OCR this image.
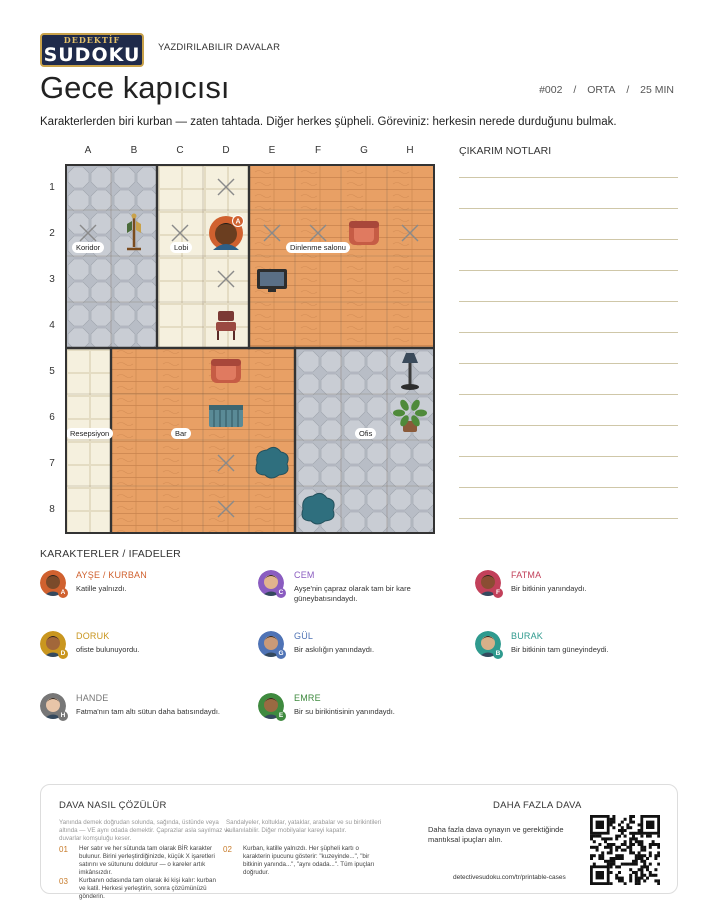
DEDEKTİF
SUDOKU YAZDIRILABILIR DAVALAR
Gece kapıcısı	#002 / ORTA / 25 MIN
Karakterlerden biri kurban — zaten tahtada. Diğer herkes şüpheli. Göreviniz: herkesin nerede durduğunu bulmak.
A	B	C	D	E	F	G	H
1
2
3
4
5
6
7
8
A
Koridor	Lobi	Dinlenme salonu
Resepsiyon	Bar	Ofis
ÇIKARIM NOTLARI
KARAKTERLER / IFADELER
A
AYŞE / KURBAN
Katille yalnızdı.	C
CEM
Ayşe'nin çapraz olarak tam bir kare güneybatısındaydı.
F
FATMA
Bir bitkinin yanındaydı.
D
DORUK
ofiste bulunuyordu.	G
GÜL
Bir askılığın yanındaydı.	B
BURAK
Bir bitkinin tam güneyindeydi.
H
HANDE
Fatma'nın tam altı sütun daha batısındaydı.	E
EMRE
Bir su birikintisinin yanındaydı.
DAVA NASIL ÇÖZÜLÜR
Yanında demek doğrudan solunda, sağında, üstünde veya altında — VE aynı odada demektir. Çaprazlar asla sayılmaz ve duvarlar komşuluğu keser.
Sandalyeler, koltuklar, yataklar, arabalar ve su birikintileri kullanılabilir. Diğer mobilyalar kareyi kapatır.
01 Her satır ve her sütunda tam olarak BİR karakter bulunur. Birini yerleştirdiğinizde, küçük X işaretleri satırını ve sütununu doldurur — o kareler artık imkânsızdır.
02 Kurban, katille yalnızdı. Her şüpheli kartı o karakterin ipucunu gösterir: "kuzeyinde...", "bir bitkinin yanında...", "aynı odada...". Tüm ipuçları doğrudur.
03 Kurbanın odasında tam olarak iki kişi kalır: kurban ve katil. Herkesi yerleştirin, sonra çözümünüzü gönderin.
DAHA FAZLA DAVA
Daha fazla dava oynayın ve gerektiğinde mantıksal ipuçları alın.
detectivesudoku.com/tr/printable-cases
